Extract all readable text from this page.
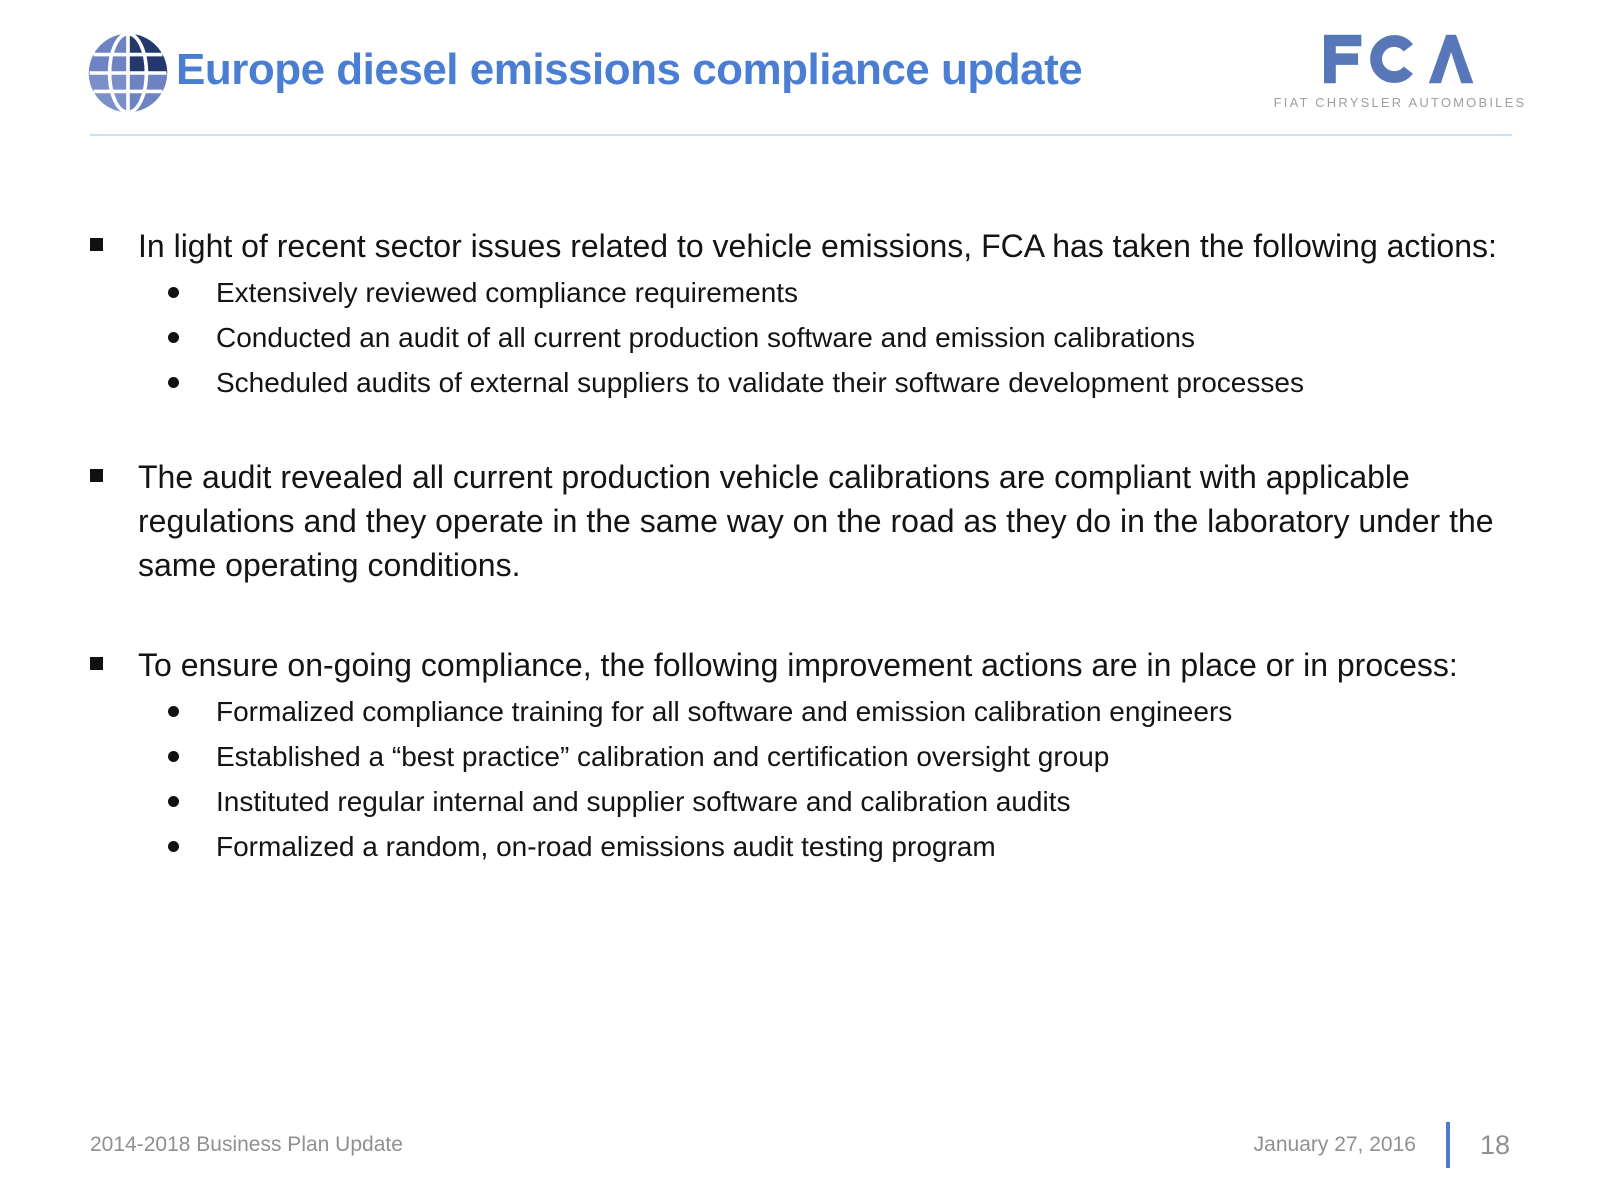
Europe diesel emissions compliance update
FIAT CHRYSLER AUTOMOBILES
In light of recent sector issues related to vehicle emissions, FCA has taken the following actions:
Extensively reviewed compliance requirements
Conducted an audit of all current production software and emission calibrations
Scheduled audits of external suppliers to validate their software development processes
The audit revealed all current production vehicle calibrations are compliant with applicable regulations and they operate in the same way on the road as they do in the laboratory under the same operating conditions.
To ensure on-going compliance, the following improvement actions are in place or in process:
Formalized compliance training for all software and emission calibration engineers
Established a “best practice” calibration and certification oversight group
Instituted regular internal and supplier software and calibration audits
Formalized a random, on-road emissions audit testing program
2014-2018 Business Plan Update	January 27, 2016 18
